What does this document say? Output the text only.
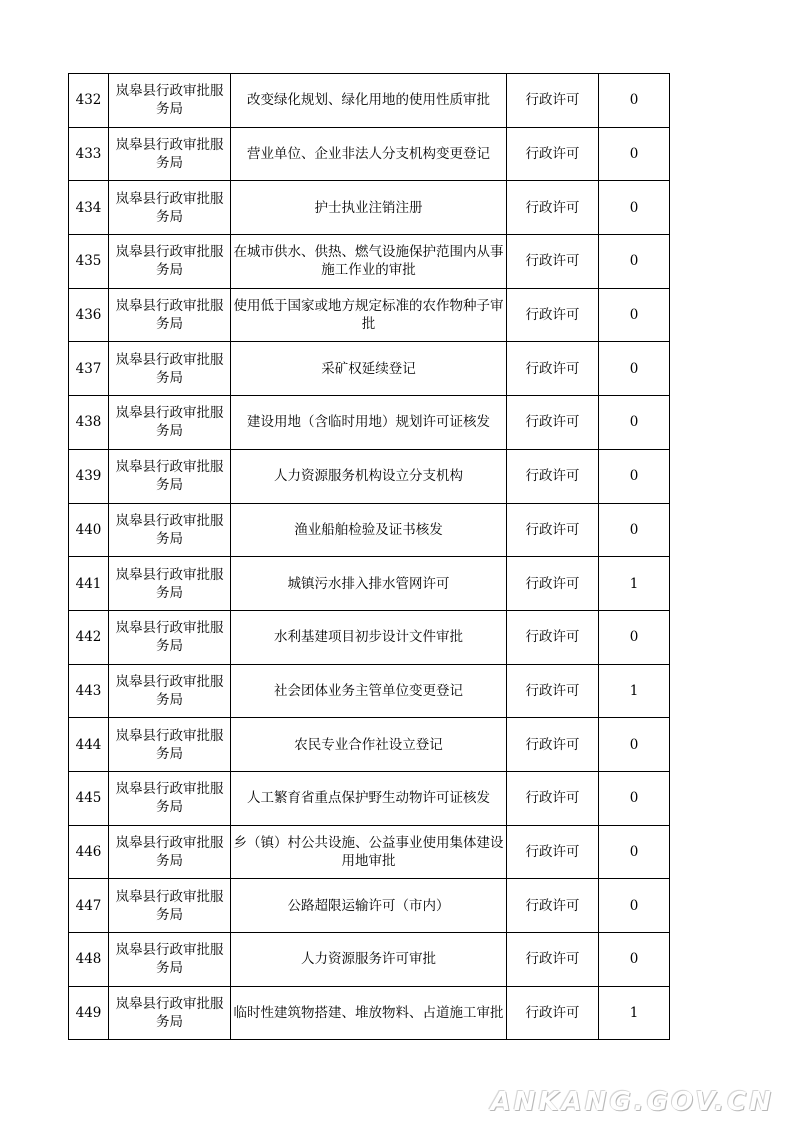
432	岚皋县行政审批服务局	改变绿化规划、绿化用地的使用性质审批	行政许可	0
433	岚皋县行政审批服务局	营业单位、企业非法人分支机构变更登记	行政许可	0
434	岚皋县行政审批服务局	护士执业注销注册	行政许可	0
435	岚皋县行政审批服务局	在城市供水、供热、燃气设施保护范围内从事施工作业的审批	行政许可	0
436	岚皋县行政审批服务局	使用低于国家或地方规定标准的农作物种子审批	行政许可	0
437	岚皋县行政审批服务局	采矿权延续登记	行政许可	0
438	岚皋县行政审批服务局	建设用地（含临时用地）规划许可证核发	行政许可	0
439	岚皋县行政审批服务局	人力资源服务机构设立分支机构	行政许可	0
440	岚皋县行政审批服务局	渔业船舶检验及证书核发	行政许可	0
441	岚皋县行政审批服务局	城镇污水排入排水管网许可	行政许可	1
442	岚皋县行政审批服务局	水利基建项目初步设计文件审批	行政许可	0
443	岚皋县行政审批服务局	社会团体业务主管单位变更登记	行政许可	1
444	岚皋县行政审批服务局	农民专业合作社设立登记	行政许可	0
445	岚皋县行政审批服务局	人工繁育省重点保护野生动物许可证核发	行政许可	0
446	岚皋县行政审批服务局	乡（镇）村公共设施、公益事业使用集体建设用地审批	行政许可	0
447	岚皋县行政审批服务局	公路超限运输许可（市内）	行政许可	0
448	岚皋县行政审批服务局	人力资源服务许可审批	行政许可	0
449	岚皋县行政审批服务局	临时性建筑物搭建、堆放物料、占道施工审批	行政许可	1
ANKANG.GOV.CN
